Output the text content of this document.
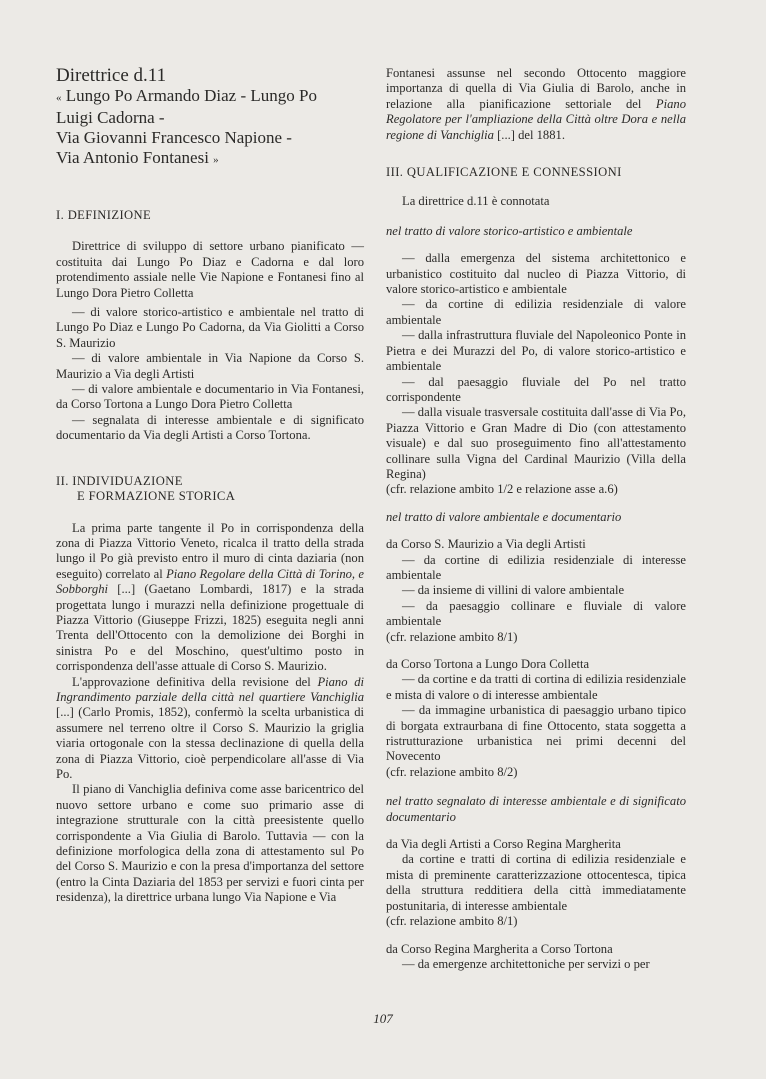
Direttrice d.11
« Lungo Po Armando Diaz - Lungo Po
Luigi Cadorna -
Via Giovanni Francesco Napione -
Via Antonio Fontanesi »
I. DEFINIZIONE

Direttrice di sviluppo di settore urbano pianificato — costituita dai Lungo Po Diaz e Cadorna e dal loro protendimento assiale nelle Vie Napione e Fontanesi fino al Lungo Dora Pietro Colletta

— di valore storico-artistico e ambientale nel tratto di Lungo Po Diaz e Lungo Po Cadorna, da Via Giolitti a Corso S. Maurizio

— di valore ambientale in Via Napione da Corso S. Maurizio a Via degli Artisti

— di valore ambientale e documentario in Via Fontanesi, da Corso Tortona a Lungo Dora Pietro Colletta

— segnalata di interesse ambientale e di significato documentario da Via degli Artisti a Corso Tortona.

II. INDIVIDUAZIONE
E FORMAZIONE STORICA

La prima parte tangente il Po in corrispondenza della zona di Piazza Vittorio Veneto, ricalca il tratto della strada lungo il Po già previsto entro il muro di cinta daziaria (non eseguito) correlato al Piano Regolare della Città di Torino, e Sobborghi [...] (Gaetano Lombardi, 1817) e la strada progettata lungo i murazzi nella definizione progettuale di Piazza Vittorio (Giuseppe Frizzi, 1825) eseguita negli anni Trenta dell'Ottocento con la demolizione dei Borghi in sinistra Po e del Moschino, quest'ultimo posto in corrispondenza dell'asse attuale di Corso S. Maurizio.

L'approvazione definitiva della revisione del Piano di Ingrandimento parziale della città nel quartiere Vanchiglia [...] (Carlo Promis, 1852), confermò la scelta urbanistica di assumere nel terreno oltre il Corso S. Maurizio la griglia viaria ortogonale con la stessa declinazione di quella della zona di Piazza Vittorio, cioè perpendicolare all'asse di Via Po.

Il piano di Vanchiglia definiva come asse baricentrico del nuovo settore urbano e come suo primario asse di integrazione strutturale con la città preesistente quello corrispondente a Via Giulia di Barolo. Tuttavia — con la definizione morfologica della zona di attestamento sul Po del Corso S. Maurizio e con la presa d'importanza del settore (entro la Cinta Daziaria del 1853 per servizi e fuori cinta per residenza), la direttrice urbana lungo Via Napione e Via

Fontanesi assunse nel secondo Ottocento maggiore importanza di quella di Via Giulia di Barolo, anche in relazione alla pianificazione settoriale del Piano Regolatore per l'ampliazione della Città oltre Dora e nella regione di Vanchiglia [...] del 1881.

III. QUALIFICAZIONE E CONNESSIONI

La direttrice d.11 è connotata

nel tratto di valore storico-artistico e ambientale

— dalla emergenza del sistema architettonico e urbanistico costituito dal nucleo di Piazza Vittorio, di valore storico-artistico e ambientale

— da cortine di edilizia residenziale di valore ambientale

— dalla infrastruttura fluviale del Napoleonico Ponte in Pietra e dei Murazzi del Po, di valore storico-artistico e ambientale

— dal paesaggio fluviale del Po nel tratto corrispondente

— dalla visuale trasversale costituita dall'asse di Via Po, Piazza Vittorio e Gran Madre di Dio (con attestamento visuale) e dal suo proseguimento fino all'attestamento collinare sulla Vigna del Cardinal Maurizio (Villa della Regina)

(cfr. relazione ambito 1/2 e relazione asse a.6)

nel tratto di valore ambientale e documentario

da Corso S. Maurizio a Via degli Artisti

— da cortine di edilizia residenziale di interesse ambientale

— da insieme di villini di valore ambientale

— da paesaggio collinare e fluviale di valore ambientale

(cfr. relazione ambito 8/1)

da Corso Tortona a Lungo Dora Colletta

— da cortine e da tratti di cortina di edilizia residenziale e mista di valore o di interesse ambientale

— da immagine urbanistica di paesaggio urbano tipico di borgata extraurbana di fine Ottocento, stata soggetta a ristrutturazione urbanistica nei primi decenni del Novecento

(cfr. relazione ambito 8/2)

nel tratto segnalato di interesse ambientale e di significato documentario

da Via degli Artisti a Corso Regina Margherita

da cortine e tratti di cortina di edilizia residenziale e mista di preminente caratterizzazione ottocentesca, tipica della struttura redditiera della città immediatamente postunitaria, di interesse ambientale

(cfr. relazione ambito 8/1)

da Corso Regina Margherita a Corso Tortona

— da emergenze architettoniche per servizi o per

107
